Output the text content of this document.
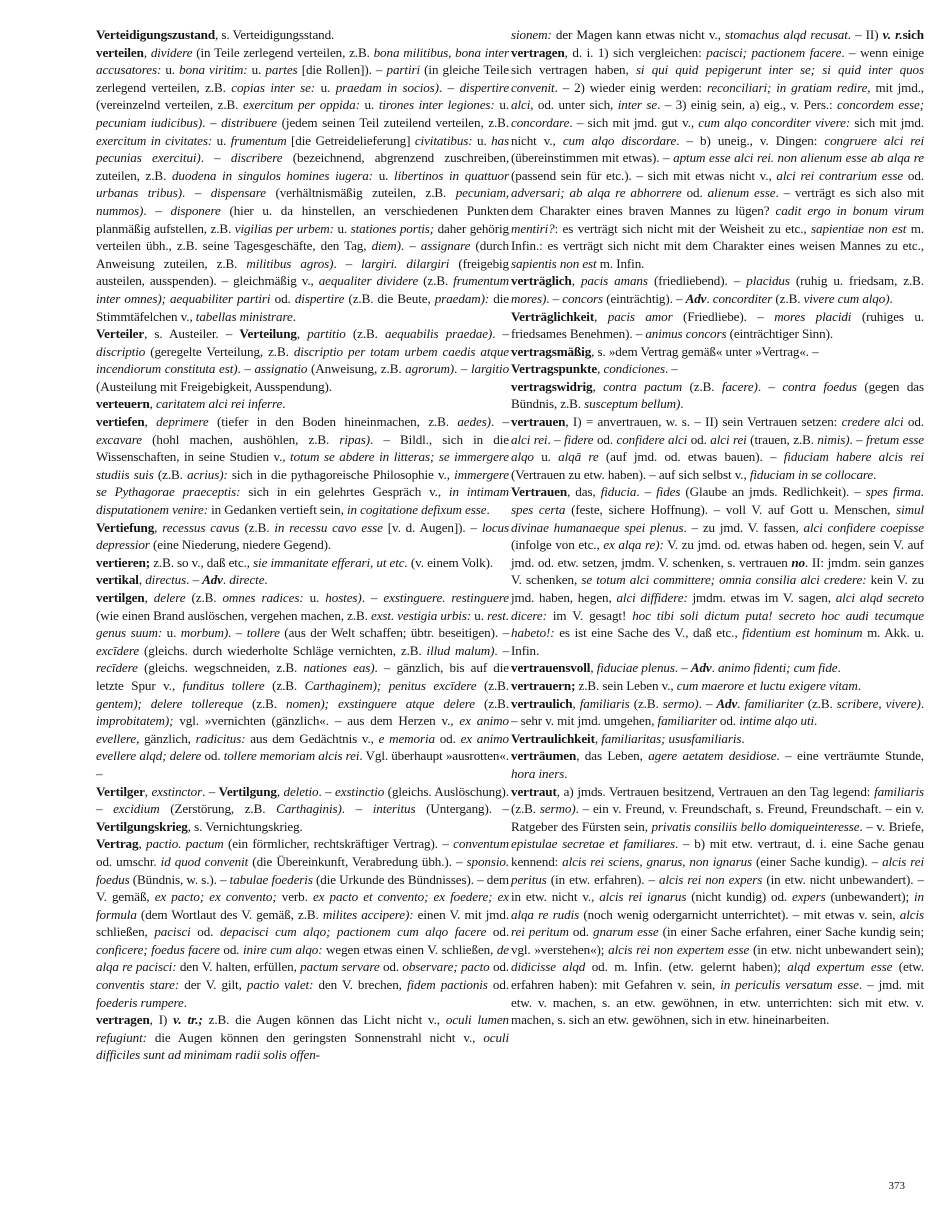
Verteidigungszustand, s. Verteidigungsstand.

verteilen, dividere (in Teile zerlegend verteilen, z.B. bona militibus, bona inter accusatores: u. bona viritim: u. partes [die Rollen]). – partiri (in gleiche Teile zerlegend verteilen, z.B. copias inter se: u. praedam in socios). – dispertire (vereinzelnd verteilen, z.B. exercitum per oppida: u. tirones inter legiones: u. pecuniam iudicibus). – distribuere (jedem seinen Teil zuteilend verteilen, z.B. exercitum in civitates: u. frumentum [die Getreidelieferung] civitatibus: u. has pecunias exercitui). – discribere (bezeichnend, abgrenzend zuschreiben, zuteilen, z.B. duodena in singulos homines iugera: u. libertinos in quattuor urbanas tribus). – dispensare (verhältnismäßig zuteilen, z.B. pecuniam, nummos). – disponere (hier u. da hinstellen, an verschiedenen Punkten planmäßig aufstellen, z.B. vigilias per urbem: u. stationes portis; daher gehörig verteilen übh., z.B. seine Tagesgeschäfte, den Tag, diem). – assignare (durch Anweisung zuteilen, z.B. militibus agros). – largiri. dilargiri (freigebig austeilen, ausspenden). – gleichmäßig v., aequaliter dividere (z.B. frumentum inter omnes); aequabiliter partiri od. dispertire (z.B. die Beute, praedam): die Stimmtäfelchen v., tabellas ministrare.

Verteiler, s. Austeiler. – Verteilung, partitio (z.B. aequabilis praedae). – discriptio (geregelte Verteilung, z.B. discriptio per totam urbem caedis atque incendiorum constituta est). – assignatio (Anweisung, z.B. agrorum). – largitio (Austeilung mit Freigebigkeit, Ausspendung).

verteuern, caritatem alci rei inferre.

vertiefen, deprimere (tiefer in den Boden hineinmachen, z.B. aedes). – excavare (hohl machen, aushöhlen, z.B. ripas). – Bildl., sich in die Wissenschaften, in seine Studien v., totum se abdere in litteras; se immergere studiis suis (z.B. acrius): sich in die pythagoreische Philosophie v., immergere se Pythagorae praeceptis: sich in ein gelehrtes Gespräch v., in intimam disputationem venire: in Gedanken vertieft sein, in cogitatione defixum esse.

Vertiefung, recessus cavus (z.B. in recessu cavo esse [v. d. Augen]). – locus depressior (eine Niederung, niedere Gegend).

vertieren; z.B. so v., daß etc., sie immanitate efferari, ut etc. (v. einem Volk).

vertikal, directus. – Adv. directe.

vertilgen, delere (z.B. omnes radices: u. hostes). – exstinguere. restinguere (wie einen Brand auslöschen, vergehen machen, z.B. exst. vestigia urbis: u. rest. genus suum: u. morbum). – tollere (aus der Welt schaffen; übtr. beseitigen). – excīdere (gleichs. durch wiederholte Schläge vernichten, z.B. illud malum). – recīdere (gleichs. wegschneiden, z.B. nationes eas). – gänzlich, bis auf die letzte Spur v., funditus tollere (z.B. Carthaginem); penitus excīdere (z.B. gentem); delere tollereque (z.B. nomen); exstinguere atque delere (z.B. improbitatem); vgl. »vernichten (gänzlich«. – aus dem Herzen v., ex animo evellere, gänzlich, radicitus: aus dem Gedächtnis v., e memoria od. ex animo evellere alqd; delere od. tollere memoriam alcis rei. Vgl. überhaupt »ausrotten«. –

Vertilger, exstinctor. – Vertilgung, deletio. – exstinctio (gleichs. Auslöschung). – excidium (Zerstörung, z.B. Carthaginis). – interitus (Untergang). – Vertilgungskrieg, s. Vernichtungskrieg.

Vertrag, pactio. pactum (ein förmlicher, rechtskräftiger Vertrag). – conventum od. umschr. id quod convenit (die Übereinkunft, Verabredung übh.). – sponsio. foedus (Bündnis, w. s.). – tabulae foederis (die Urkunde des Bündnisses). – dem V. gemäß, ex pacto; ex convento; verb. ex pacto et convento; ex foedere; ex formula (dem Wortlaut des V. gemäß, z.B. milites accipere): einen V. mit jmd. schließen, pacisci od. depacisci cum alqo; pactionem cum alqo facere od. conficere; foedus facere od. inire cum alqo: wegen etwas einen V. schließen, de alqa re pacisci: den V. halten, erfüllen, pactum servare od. observare; pacto od. conventis stare: der V. gilt, pactio valet: den V. brechen, fidem pactionis od. foederis rumpere.

vertragen, I) v. tr.; z.B. die Augen können das Licht nicht v., oculi lumen refugiunt: die Augen können den geringsten Sonnenstrahl nicht v., oculi difficiles sunt ad minimam radii solis offen-

sionem: der Magen kann etwas nicht v., stomachus alqd recusat. – II) v. r.sich vertragen, d. i. 1) sich vergleichen: pacisci; pactionem facere. – wenn einige sich vertragen haben, si qui quid pepigerunt inter se; si quid inter quos convenit. – 2) wieder einig werden: reconciliari; in gratiam redire, mit jmd., alci, od. unter sich, inter se. – 3) einig sein, a) eig., v. Pers.: concordem esse; concordare. – sich mit jmd. gut v., cum alqo concorditer vivere: sich mit jmd. nicht v., cum alqo discordare. – b) uneig., v. Dingen: congruere alci rei (übereinstimmen mit etwas). – aptum esse alci rei. non alienum esse ab alqa re (passend sein für etc.). – sich mit etwas nicht v., alci rei contrarium esse od. adversari; ab alqa re abhorrere od. alienum esse. – verträgt es sich also mit dem Charakter eines braven Mannes zu lügen? cadit ergo in bonum virum mentiri?: es verträgt sich nicht mit der Weisheit zu etc., sapientiae non est m. Infin.: es verträgt sich nicht mit dem Charakter eines weisen Mannes zu etc., sapientis non est m. Infin.

verträglich, pacis amans (friedliebend). – placidus (ruhig u. friedsam, z.B. mores). – concors (einträchtig). – Adv. concorditer (z.B. vivere cum alqo).

Verträglichkeit, pacis amor (Friedliebe). – mores placidi (ruhiges u. friedsames Benehmen). – animus concors (einträchtiger Sinn).

vertragsmäßig, s. »dem Vertrag gemäß« unter »Vertrag«. –

Vertragspunkte, condiciones. –

vertragswidrig, contra pactum (z.B. facere). – contra foedus (gegen das Bündnis, z.B. susceptum bellum).

vertrauen, I) = anvertrauen, w. s. – II) sein Vertrauen setzen: credere alci od. alci rei. – fidere od. confidere alci od. alci rei (trauen, z.B. nimis). – fretum esse alqo u. alqā re (auf jmd. od. etwas bauen). – fiduciam habere alcis rei (Vertrauen zu etw. haben). – auf sich selbst v., fiduciam in se collocare.

Vertrauen, das, fiducia. – fides (Glaube an jmds. Redlichkeit). – spes firma. spes certa (feste, sichere Hoffnung). – voll V. auf Gott u. Menschen, simul divinae humanaeque spei plenus. – zu jmd. V. fassen, alci confidere coepisse (infolge von etc., ex alqa re): V. zu jmd. od. etwas haben od. hegen, sein V. auf jmd. od. etw. setzen, jmdm. V. schenken, s. vertrauen no. II: jmdm. sein ganzes V. schenken, se totum alci committere; omnia consilia alci credere: kein V. zu jmd. haben, hegen, alci diffidere: jmdm. etwas im V. sagen, alci alqd secreto dicere: im V. gesagt! hoc tibi soli dictum puta! secreto hoc audi tecumque habeto!: es ist eine Sache des V., daß etc., fidentium est hominum m. Akk. u. Infin.

vertrauensvoll, fiduciae plenus. – Adv. animo fidenti; cum fide.

vertrauern; z.B. sein Leben v., cum maerore et luctu exigere vitam.

vertraulich, familiaris (z.B. sermo). – Adv. familiariter (z.B. scribere, vivere). – sehr v. mit jmd. umgehen, familiariter od. intime alqo uti.

Vertraulichkeit, familiaritas; ususfamiliaris.

verträumen, das Leben, agere aetatem desidiose. – eine verträumte Stunde, hora iners.

vertraut, a) jmds. Vertrauen besitzend, Vertrauen an den Tag legend: familiaris (z.B. sermo). – ein v. Freund, v. Freundschaft, s. Freund, Freundschaft. – ein v. Ratgeber des Fürsten sein, privatis consiliis bello domiqueinteresse. – v. Briefe, epistulae secretae et familiares. – b) mit etw. vertraut, d. i. eine Sache genau kennend: alcis rei sciens, gnarus, non ignarus (einer Sache kundig). – alcis rei peritus (in etw. erfahren). – alcis rei non expers (in etw. nicht unbewandert). – in etw. nicht v., alcis rei ignarus (nicht kundig) od. expers (unbewandert); in alqa re rudis (noch wenig odergarnicht unterrichtet). – mit etwas v. sein, alcis rei peritum od. gnarum esse (in einer Sache erfahren, einer Sache kundig sein; vgl. »verstehen«); alcis rei non expertem esse (in etw. nicht unbewandert sein); didicisse alqd od. m. Infin. (etw. gelernt haben); alqd expertum esse (etw. erfahren haben): mit Gefahren v. sein, in periculis versatum esse. – jmd. mit etw. v. machen, s. an etw. gewöhnen, in etw. unterrichten: sich mit etw. v. machen, s. sich an etw. gewöhnen, sich in etw. hineinarbeiten.

373
